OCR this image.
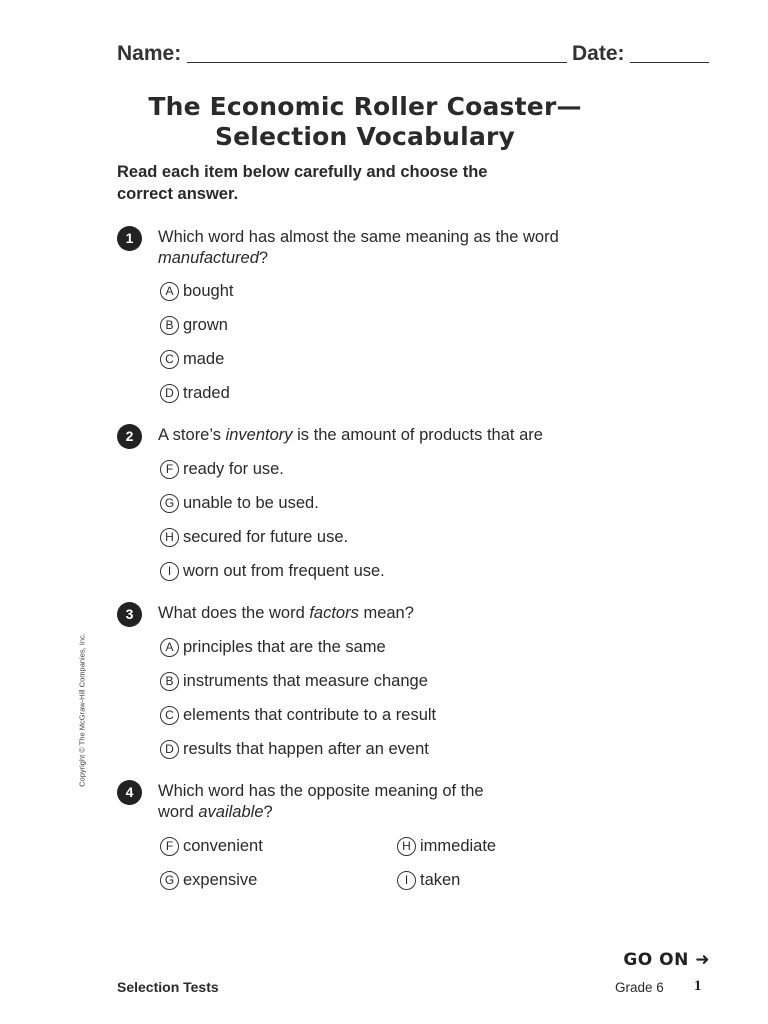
Name:	Date:
The Economic Roller Coaster—
Selection Vocabulary
Read each item below carefully and choose the correct answer.
1	Which word has almost the same meaning as the word manufactured?
A bought
B grown
C made
D traded
2	A store’s inventory is the amount of products that are
F ready for use.
G unable to be used.
H secured for future use.
I worn out from frequent use.
3	What does the word factors mean?
A principles that are the same
B instruments that measure change
C elements that contribute to a result
D results that happen after an event
4	Which word has the opposite meaning of the word available?
F convenient
G expensive
H immediate
I taken
Copyright © The McGraw-Hill Companies, Inc.
GO ON ➜
Selection Tests	Grade 6 1
